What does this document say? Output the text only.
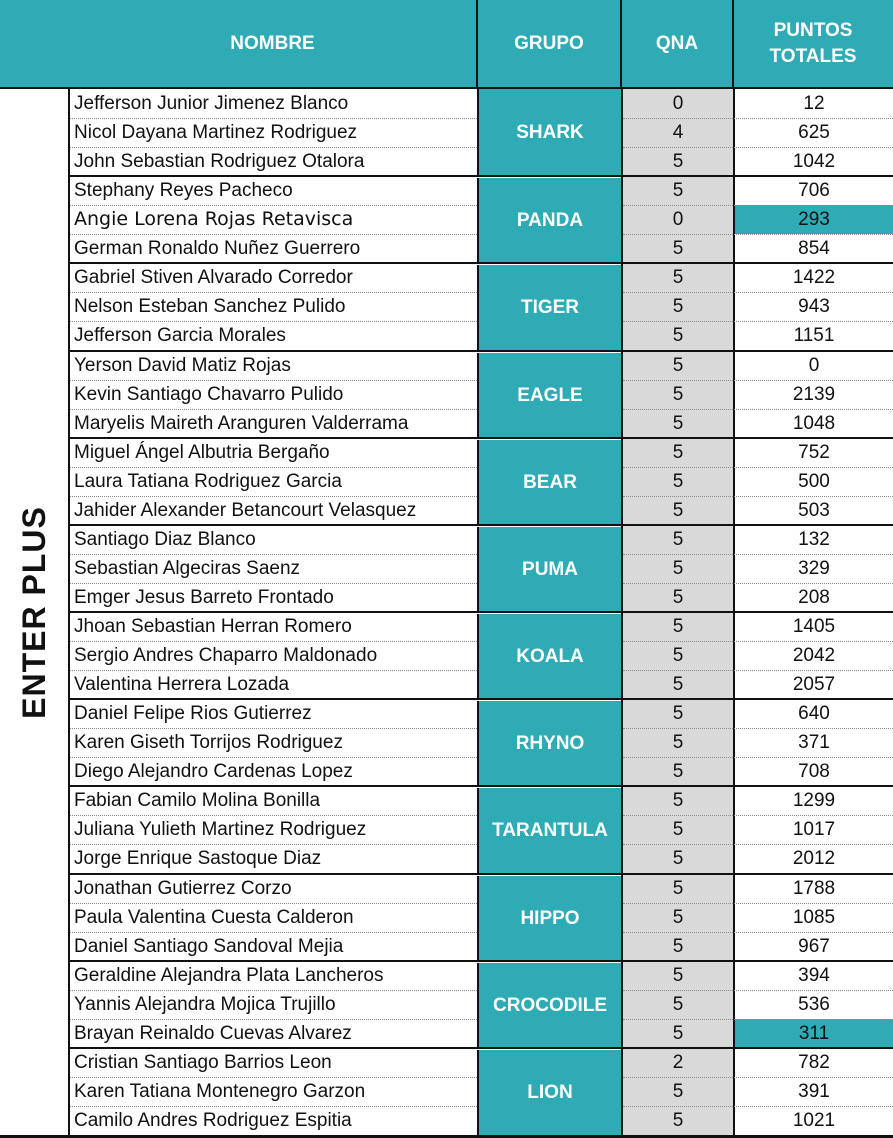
NOMBRE	GRUPO	QNA
PUNTOS
TOTALES
ENTER PLUS
SHARK
Jefferson Junior Jimenez Blanco	0	12
Nicol Dayana Martinez Rodriguez	4	625
John Sebastian Rodriguez Otalora	5	1042
PANDA
Stephany Reyes Pacheco	5	706
Angie Lorena Rojas Retavisca	0	293
German Ronaldo Nuñez Guerrero	5	854
TIGER
Gabriel Stiven Alvarado Corredor	5	1422
Nelson Esteban Sanchez Pulido	5	943
Jefferson Garcia Morales	5	1151
EAGLE
Yerson David Matiz Rojas	5	0
Kevin Santiago Chavarro Pulido	5	2139
Maryelis Maireth Aranguren Valderrama	5	1048
BEAR
Miguel Ángel Albutria Bergaño	5	752
Laura Tatiana Rodriguez Garcia	5	500
Jahider Alexander Betancourt Velasquez	5	503
PUMA
Santiago Diaz Blanco	5	132
Sebastian Algeciras Saenz	5	329
Emger Jesus Barreto Frontado	5	208
KOALA
Jhoan Sebastian Herran Romero	5	1405
Sergio Andres Chaparro Maldonado	5	2042
Valentina Herrera Lozada	5	2057
RHYNO
Daniel Felipe Rios Gutierrez	5	640
Karen Giseth Torrijos Rodriguez	5	371
Diego Alejandro Cardenas Lopez	5	708
TARANTULA
Fabian Camilo Molina Bonilla	5	1299
Juliana Yulieth Martinez Rodriguez	5	1017
Jorge Enrique Sastoque Diaz	5	2012
HIPPO
Jonathan Gutierrez Corzo	5	1788
Paula Valentina Cuesta Calderon	5	1085
Daniel Santiago Sandoval Mejia	5	967
CROCODILE
Geraldine Alejandra Plata Lancheros	5	394
Yannis Alejandra Mojica Trujillo	5	536
Brayan Reinaldo Cuevas Alvarez	5	311
LION
Cristian Santiago Barrios Leon	2	782
Karen Tatiana Montenegro Garzon	5	391
Camilo Andres Rodriguez Espitia	5	1021
